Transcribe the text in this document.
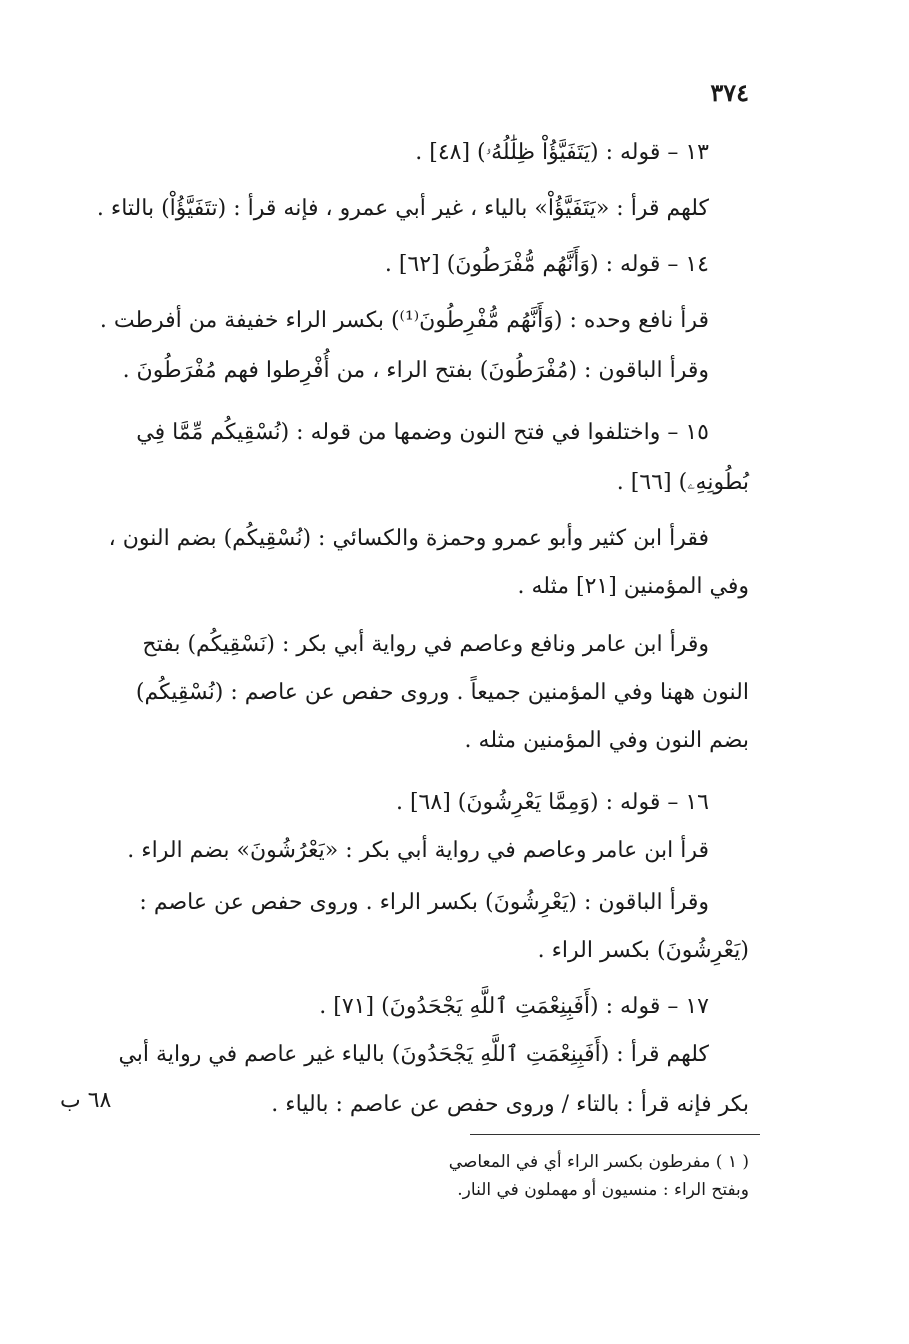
٣٧٤
١٣ – قوله : (يَتَفَيَّؤُاْ ظِلَٰلُهُۥ) [٤٨] .
كلهم قرأ : «يَتَفَيَّؤُاْ» بالياء ، غير أبي عمرو ، فإنه قرأ : (تتَفَيَّؤُاْ) بالتاء .
١٤ – قوله : (وَأَنَّهُم مُّفْرَطُونَ) [٦٢] .
قرأ نافع وحده : (وَأَنَّهُم مُّفْرِطُونَ⁽¹⁾) بكسر الراء خفيفة من أفرطت .
وقرأ الباقون : (مُفْرَطُونَ) بفتح الراء ، من أُفْرِطوا فهم مُفْرَطُونَ .
١٥ – واختلفوا في فتح النون وضمها من قوله : (نُسْقِيكُم مِّمَّا فِي
بُطُونِهِۦ) [٦٦] .
فقرأ ابن كثير وأبو عمرو وحمزة والكسائي : (نُسْقِيكُم) بضم النون ،
وفي المؤمنين [٢١] مثله .
وقرأ ابن عامر ونافع وعاصم في رواية أبي بكر : (نَسْقِيكُم) بفتح
النون ههنا وفي المؤمنين جميعاً . وروى حفص عن عاصم : (نُسْقِيكُم)
بضم النون وفي المؤمنين مثله .
١٦ – قوله : (وَمِمَّا يَعْرِشُونَ) [٦٨] .
قرأ ابن عامر وعاصم في رواية أبي بكر : «يَعْرُشُونَ» بضم الراء .
وقرأ الباقون : (يَعْرِشُونَ) بكسر الراء . وروى حفص عن عاصم :
(يَعْرِشُونَ) بكسر الراء .
١٧ – قوله : (أَفَبِنِعْمَتِ ٱللَّهِ يَجْحَدُونَ) [٧١] .
كلهم قرأ : (أَفَبِنِعْمَتِ ٱللَّهِ يَجْحَدُونَ) بالياء غير عاصم في رواية أبي
بكر فإنه قرأ : بالتاء / وروى حفص عن عاصم : بالياء .
٦٨ ب
( ١ ) مفرطون بكسر الراء أي في المعاصي
وبفتح الراء : منسيون أو مهملون في النار.
